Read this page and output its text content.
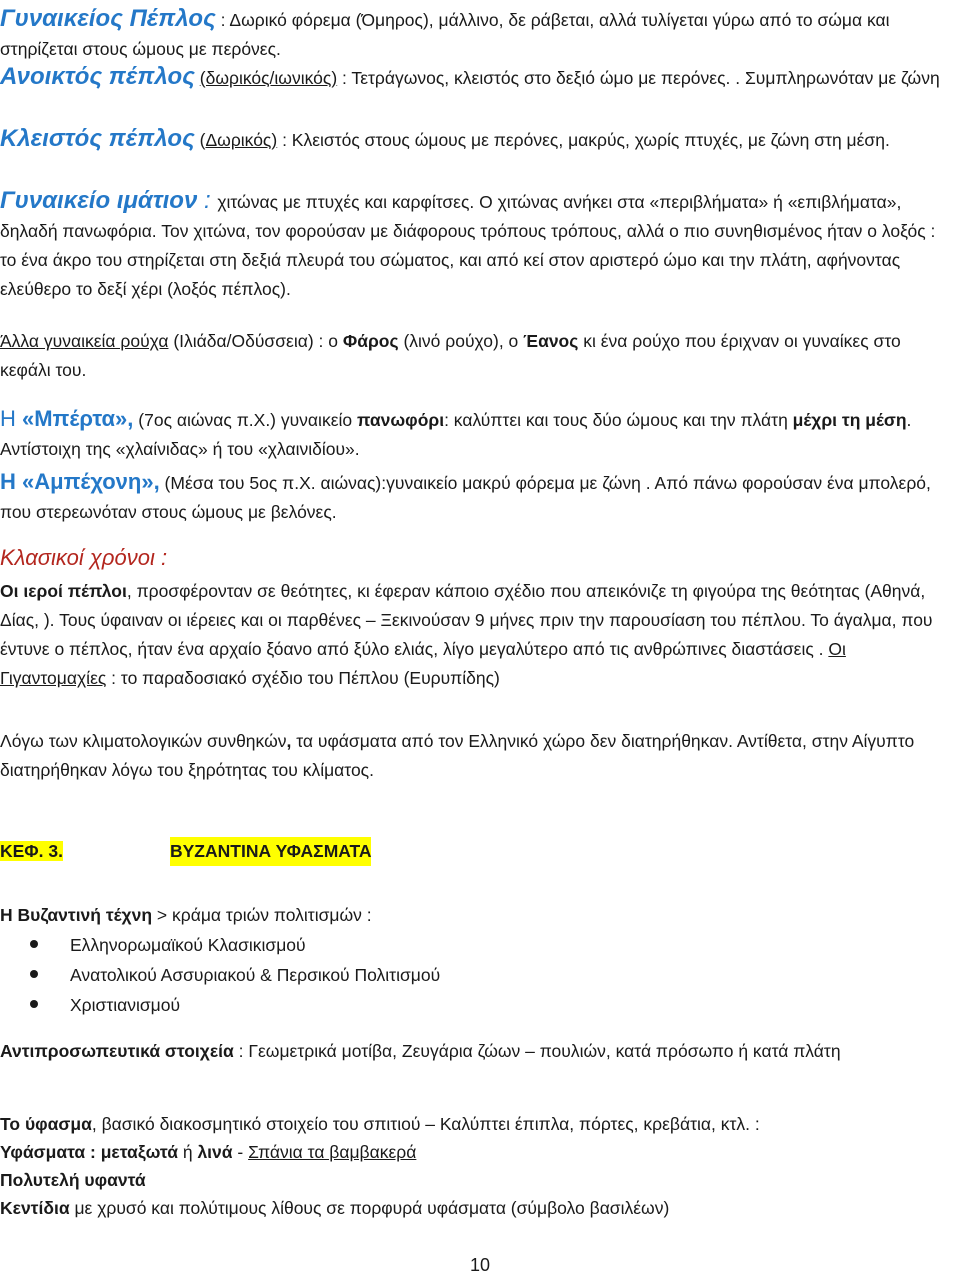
Γυναικείος Πέπλος : Δωρικό φόρεμα (Όμηρος), μάλλινο, δε ράβεται, αλλά τυλίγεται γύρω από το σώμα και στηρίζεται στους ώμους με περόνες.

Ανοικτός πέπλος (δωρικός/ιωνικός) : Τετράγωνος, κλειστός στο δεξιό ώμο με περόνες. . Συμπληρωνόταν με ζώνη

Κλειστός πέπλος (Δωρικός) : Κλειστός στους ώμους με περόνες, μακρύς, χωρίς πτυχές, με ζώνη στη μέση.

Γυναικείο ιμάτιον : χιτώνας με πτυχές και καρφίτσες. Ο χιτώνας ανήκει στα «περιβλήματα» ή «επιβλήματα», δηλαδή πανωφόρια. Τον χιτώνα, τον φορούσαν με διάφορους τρόπους τρόπους, αλλά ο πιο συνηθισμένος ήταν ο λοξός : το ένα άκρο του στηρίζεται στη δεξιά πλευρά του σώματος, και από κεί στον αριστερό ώμο και την πλάτη, αφήνοντας ελεύθερο το δεξί χέρι (λοξός πέπλος).

Άλλα γυναικεία ρούχα (Ιλιάδα/Οδύσσεια) : ο Φάρος (λινό ρούχο), ο Έανος κι ένα ρούχο που έριχναν οι γυναίκες στο κεφάλι του.

Η «Μπέρτα», (7ος αιώνας π.Χ.) γυναικείο πανωφόρι: καλύπτει και τους δύο ώμους και την πλάτη μέχρι τη μέση. Αντίστοιχη της «χλαίνιδας» ή του «χλαινιδίου».

Η «Αμπέχονη», (Μέσα του 5ος π.Χ. αιώνας):γυναικείο μακρύ φόρεμα με ζώνη . Από πάνω φορούσαν ένα μπολερό, που στερεωνόταν στους ώμους με βελόνες.

Κλασικοί χρόνοι :

Οι ιεροί πέπλοι, προσφέρονταν σε θεότητες, κι έφεραν κάποιο σχέδιο που απεικόνιζε τη φιγούρα της θεότητας (Αθηνά, Δίας, ). Τους ύφαιναν οι ιέρειες και οι παρθένες – Ξεκινούσαν 9 μήνες πριν την παρουσίαση του πέπλου. Το άγαλμα, που έντυνε ο πέπλος, ήταν ένα αρχαίο ξόανο από ξύλο ελιάς, λίγο μεγαλύτερο από τις ανθρώπινες διαστάσεις . Οι Γιγαντομαχίες : το παραδοσιακό σχέδιο του Πέπλου (Ευρυπίδης)

Λόγω των κλιματολογικών συνθηκών, τα υφάσματα από τον Ελληνικό χώρο δεν διατηρήθηκαν. Αντίθετα, στην Αίγυπτο διατηρήθηκαν λόγω του ξηρότητας του κλίματος.

ΚΕΦ. 3.	ΒΥΖΑΝΤΙΝΑ ΥΦΑΣΜΑΤΑ

Η Βυζαντινή τέχνη > κράμα τριών πολιτισμών :

Ελληνορωμαϊκού Κλασικισμού
Ανατολικού Ασσυριακού & Περσικού Πολιτισμού
Χριστιανισμού

Αντιπροσωπευτικά στοιχεία : Γεωμετρικά μοτίβα, Ζευγάρια ζώων – πουλιών, κατά πρόσωπο ή κατά πλάτη

Το ύφασμα, βασικό διακοσμητικό στοιχείο του σπιτιού – Καλύπτει έπιπλα, πόρτες, κρεβάτια, κτλ. :

Υφάσματα : μεταξωτά ή λινά - Σπάνια τα βαμβακερά

Πολυτελή υφαντά

Κεντίδια με χρυσό και πολύτιμους λίθους σε πορφυρά υφάσματα (σύμβολο βασιλέων)

10
